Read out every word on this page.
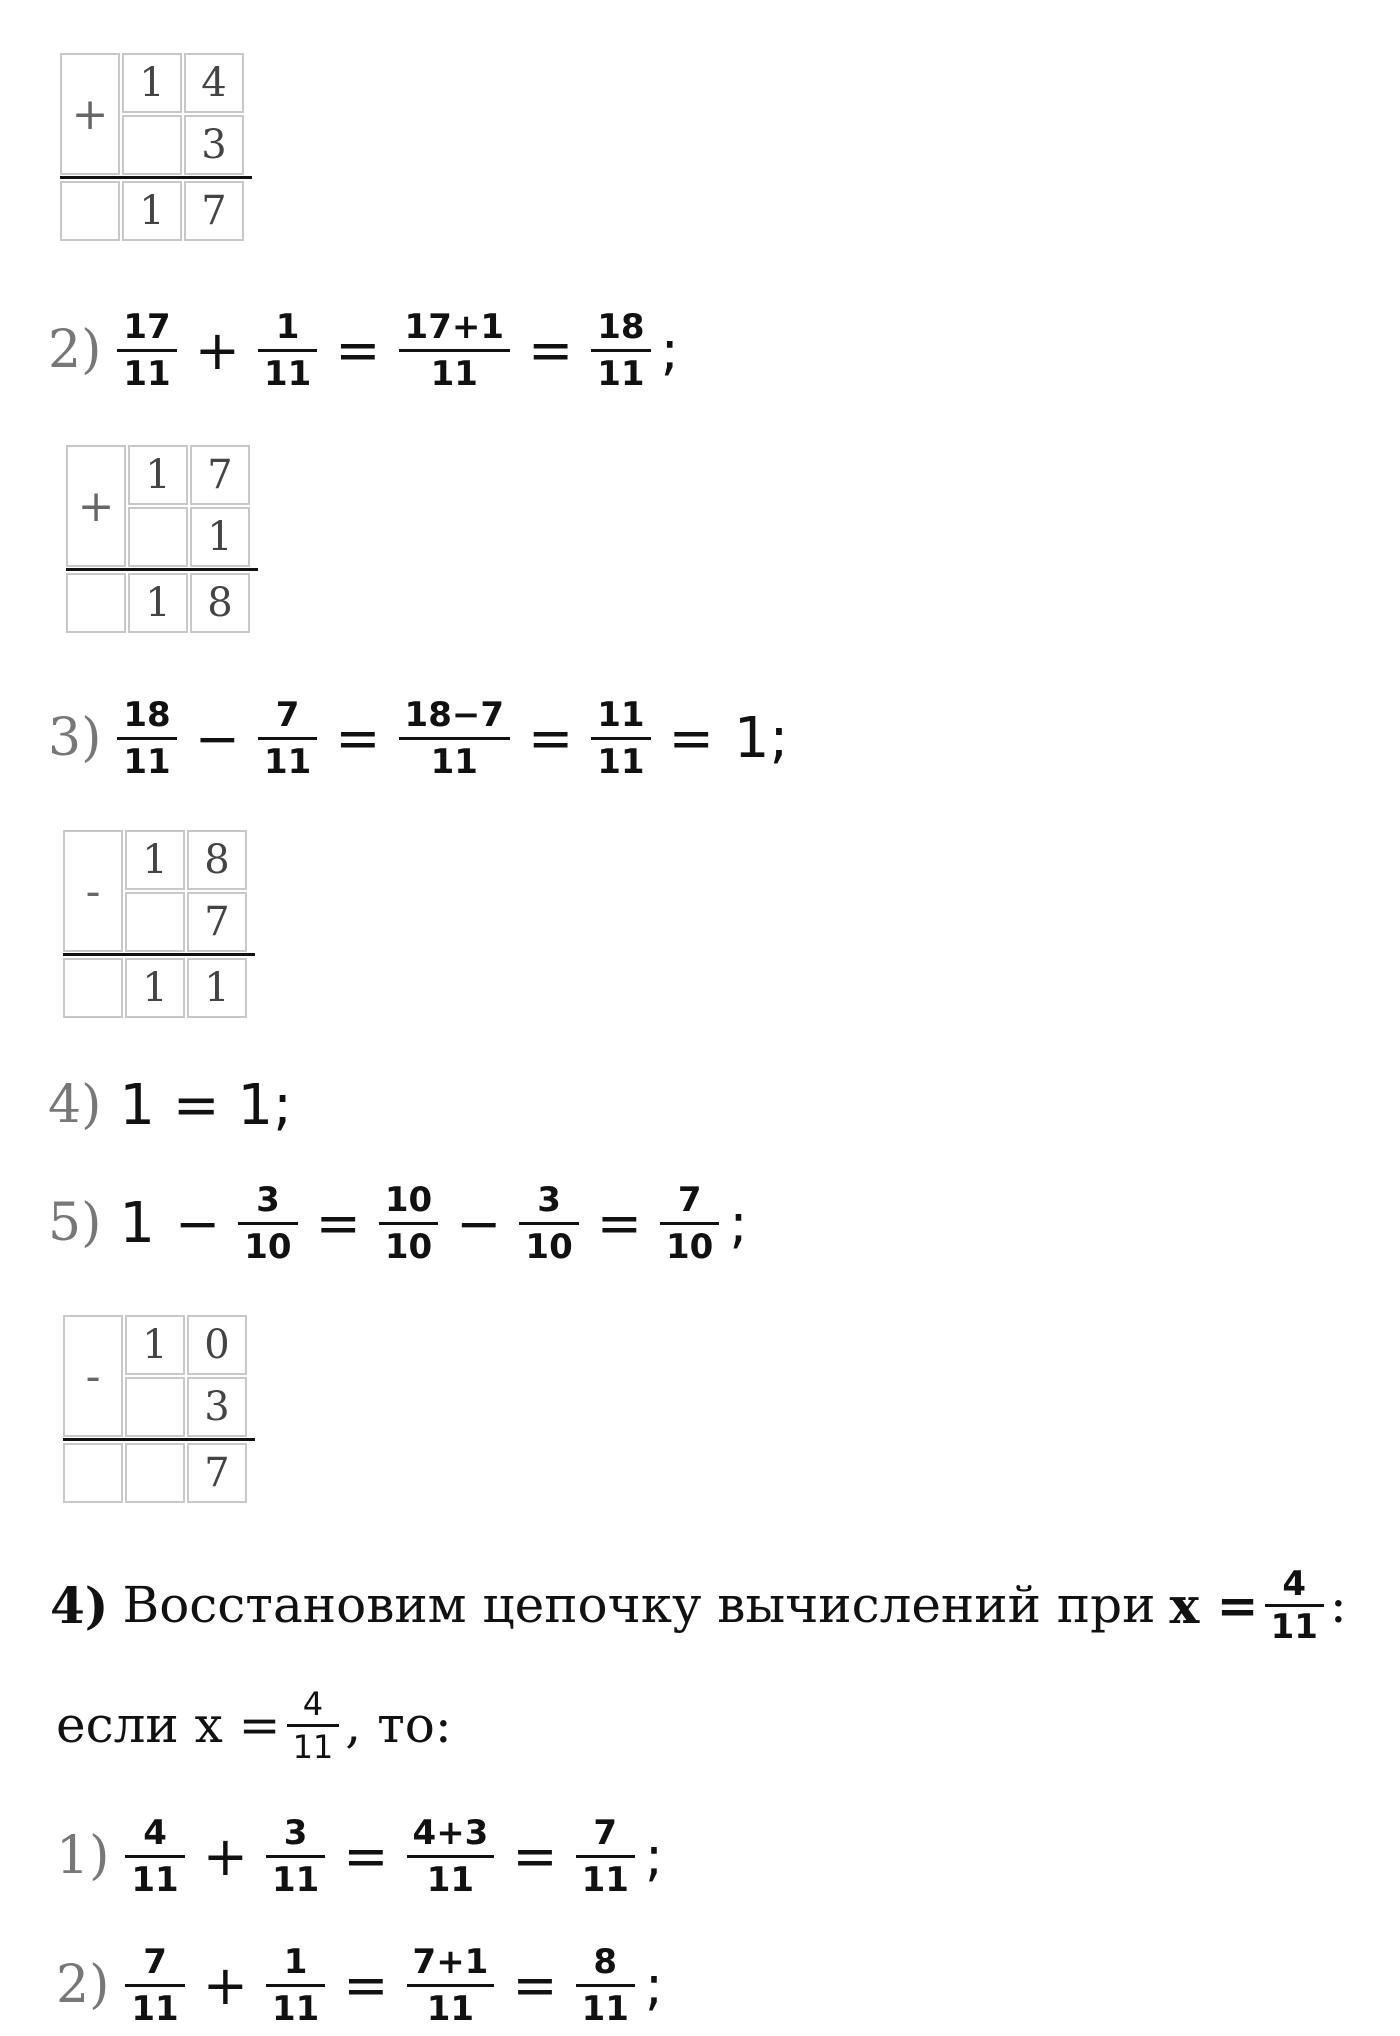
+
1 4
3
1 7
$2) \frac{17}{11} + \frac{1}{11} = \frac{17+1}{11} = \frac{18}{11}$ ;
+
1 7
1
1 8
$3) \frac{18}{11} - \frac{7}{11} = \frac{18-7}{11} = \frac{11}{11} = 1$;
-
1 8
7
1 1
4) 1 = 1;
5) $1 - \frac{3}{10} = \frac{10}{10} - \frac{3}{10} = \frac{7}{10}$ ;
-
1 0
3
7
4) Восстановим цепочку вычислений при $x = \frac{4}{11}$ :
если $x = \frac{4}{11}$ , то:
$1) \frac{4}{11} + \frac{3}{11} = \frac{4+3}{11} = \frac{7}{11}$ ;
$2) \frac{7}{11} + \frac{1}{11} = \frac{7+1}{11} = \frac{8}{11}$ ;
